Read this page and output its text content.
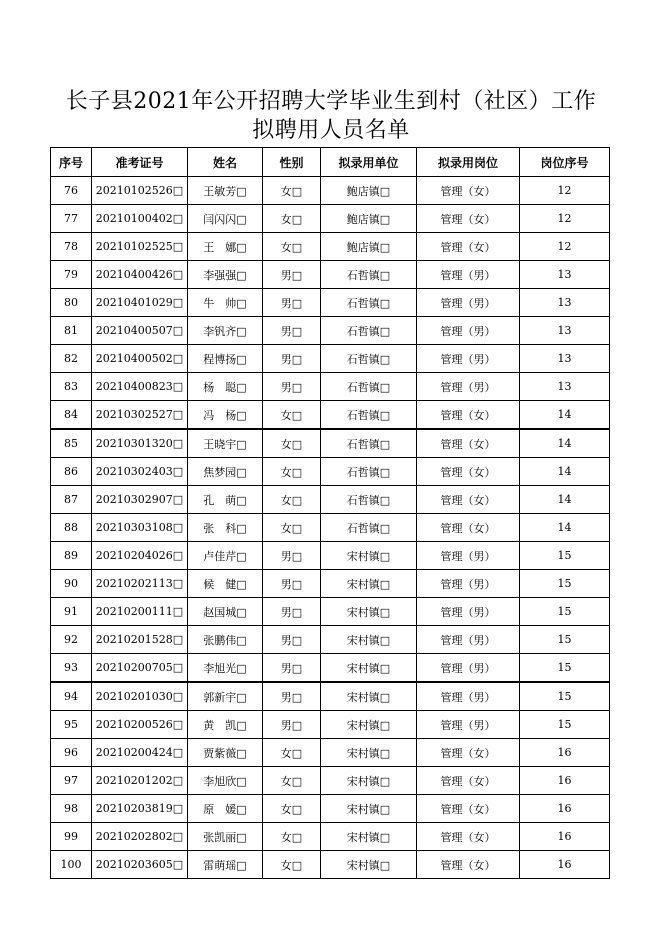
长子县2021年公开招聘大学毕业生到村（社区）工作
拟聘用人员名单
序号	准考证号	姓名	性别	拟录用单位	拟录用岗位	岗位序号
76	20210102526□	王敏芳□	女□	鲍店镇□	管理（女）	12
77	20210100402□	闫闪闪□	女□	鲍店镇□	管理（女）	12
78	20210102525□	王　娜□	女□	鲍店镇□	管理（女）	12
79	20210400426□	李强强□	男□	石哲镇□	管理（男）	13
80	20210401029□	牛　帅□	男□	石哲镇□	管理（男）	13
81	20210400507□	李钒齐□	男□	石哲镇□	管理（男）	13
82	20210400502□	程博扬□	男□	石哲镇□	管理（男）	13
83	20210400823□	杨　聪□	男□	石哲镇□	管理（男）	13
84	20210302527□	冯　杨□	女□	石哲镇□	管理（女）	14
85	20210301320□	王晓宇□	女□	石哲镇□	管理（女）	14
86	20210302403□	焦梦园□	女□	石哲镇□	管理（女）	14
87	20210302907□	孔　萌□	女□	石哲镇□	管理（女）	14
88	20210303108□	张　科□	女□	石哲镇□	管理（女）	14
89	20210204026□	卢佳芹□	男□	宋村镇□	管理（男）	15
90	20210202113□	候　健□	男□	宋村镇□	管理（男）	15
91	20210200111□	赵国城□	男□	宋村镇□	管理（男）	15
92	20210201528□	张鹏伟□	男□	宋村镇□	管理（男）	15
93	20210200705□	李旭光□	男□	宋村镇□	管理（男）	15
94	20210201030□	郭新宇□	男□	宋村镇□	管理（男）	15
95	20210200526□	黄　凯□	男□	宋村镇□	管理（男）	15
96	20210200424□	贾紫薇□	女□	宋村镇□	管理（女）	16
97	20210201202□	李旭欣□	女□	宋村镇□	管理（女）	16
98	20210203819□	原　媛□	女□	宋村镇□	管理（女）	16
99	20210202802□	张凯丽□	女□	宋村镇□	管理（女）	16
100	20210203605□	雷萌瑶□	女□	宋村镇□	管理（女）	16
